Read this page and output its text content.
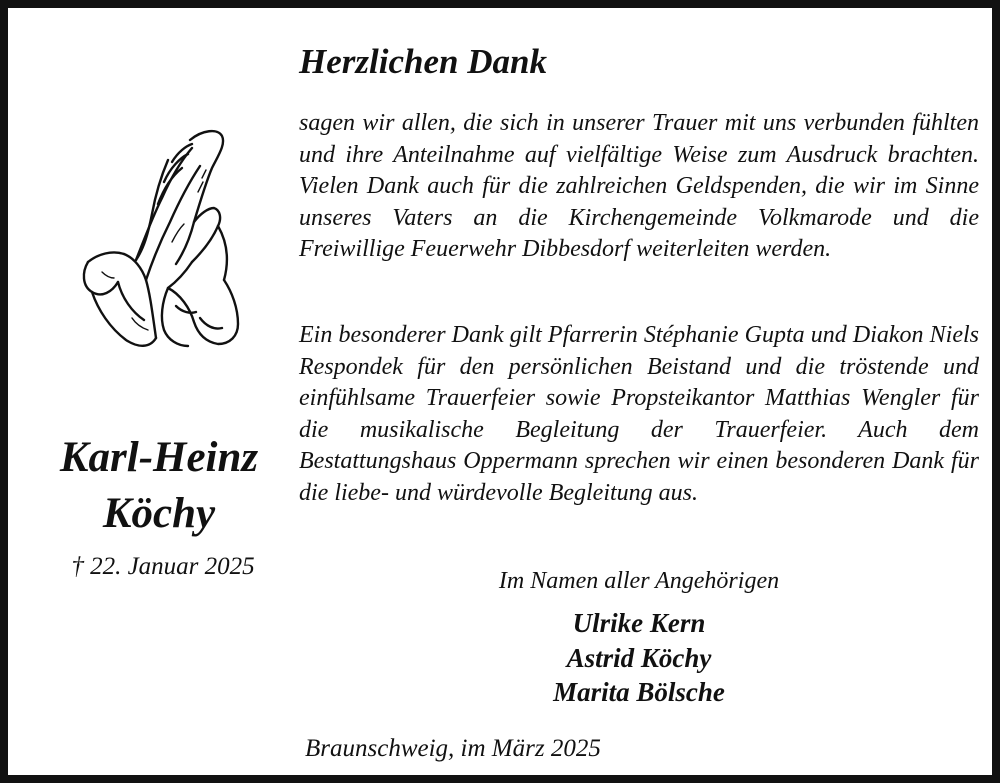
Karl-Heinz

Köchy

† 22. Januar 2025
Herzlichen Dank

sagen wir allen, die sich in unserer Trauer mit uns verbunden fühlten und ihre Anteilnahme auf vielfältige Weise zum Ausdruck brachten. Vielen Dank auch für die zahlreichen Geldspenden, die wir im Sinne unseres Vaters an die Kirchengemeinde Volkmarode und die Freiwillige Feuerwehr Dibbesdorf weiterleiten werden.

Ein besonderer Dank gilt Pfarrerin Stéphanie Gupta und Diakon Niels Respondek für den persönlichen Beistand und die tröstende und einfühlsame Trauerfeier sowie Propsteikantor Matthias Wengler für die musikalische Begleitung der Trauerfeier. Auch dem Bestattungshaus Oppermann sprechen wir einen besonderen Dank für die liebe- und würdevolle Begleitung aus.

Im Namen aller Angehörigen
Ulrike Kern
Astrid Köchy
Marita Bölsche
Braunschweig, im März 2025
